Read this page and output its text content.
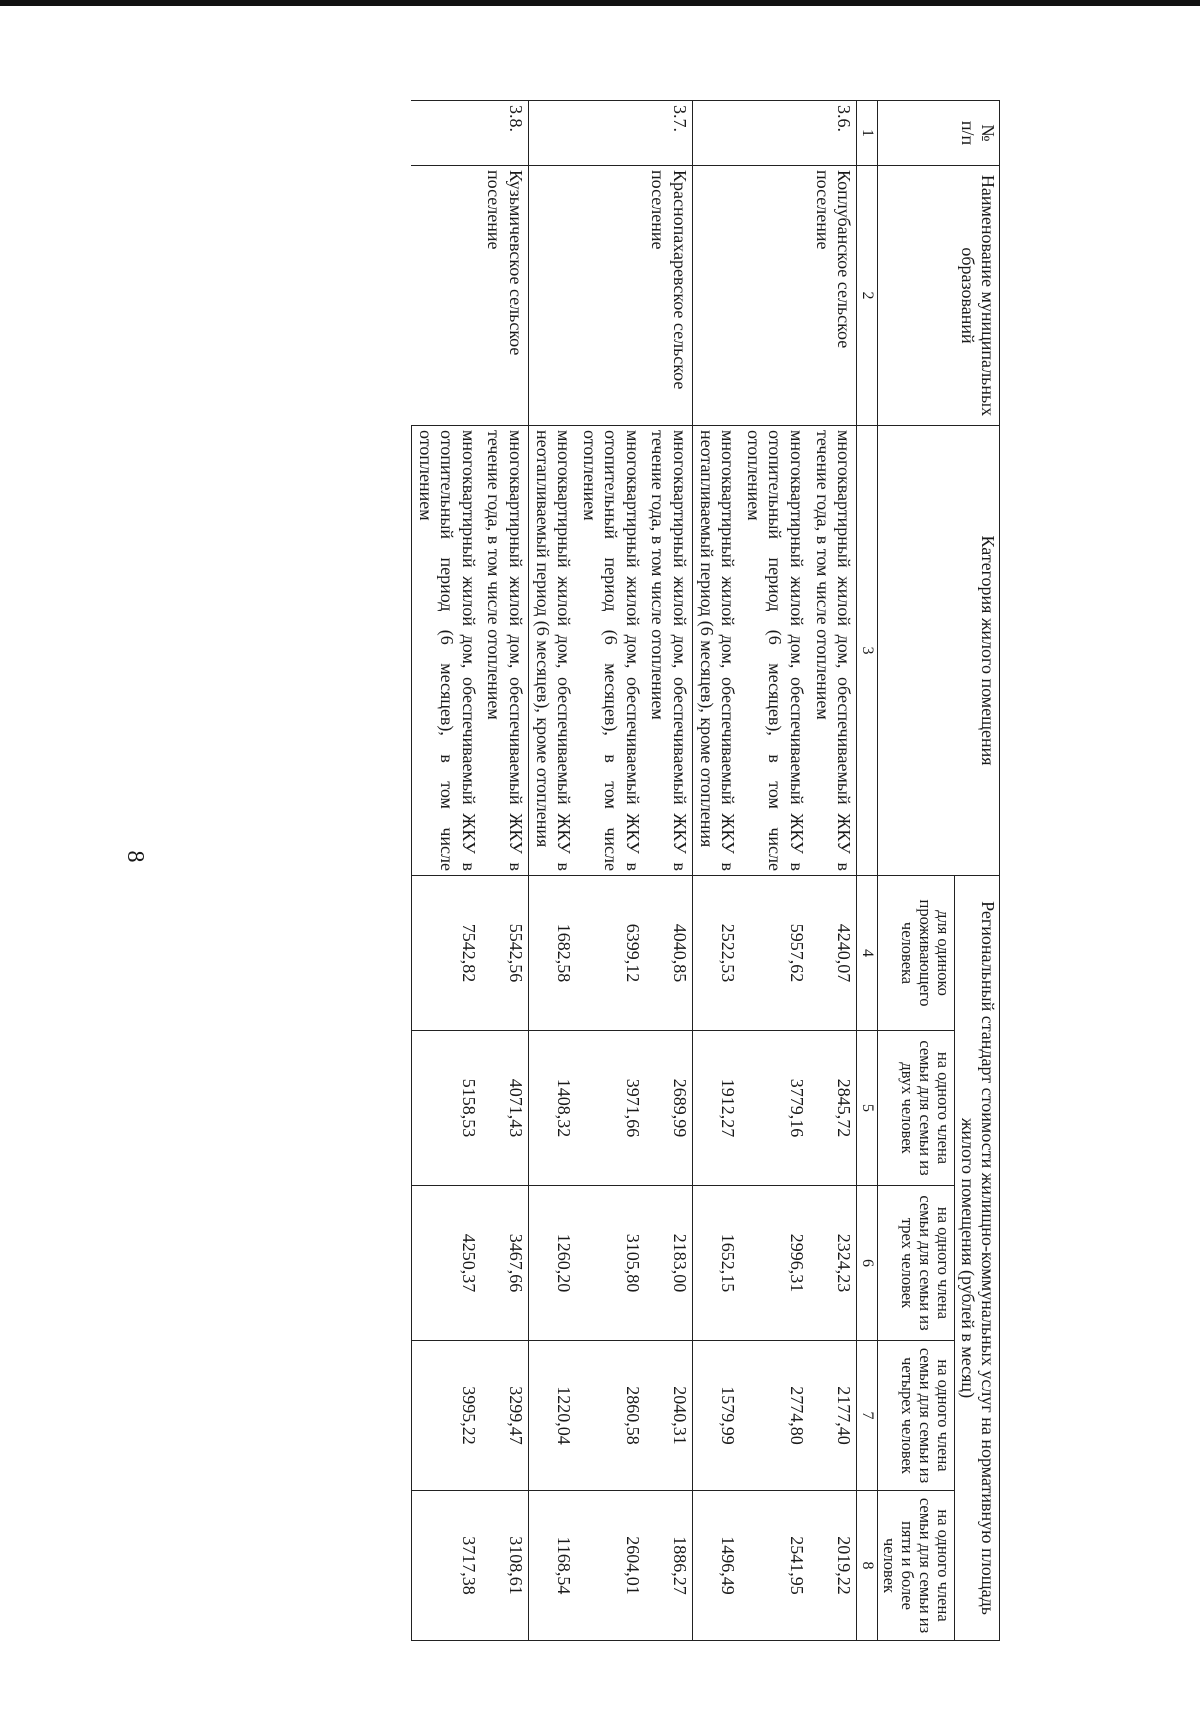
8
№
п/п	Наименование муниципальных образований	Категория жилого помещения	Региональный стандарт стоимости жилищно-коммунальных услуг на нормативную площадь жилого помещения (рублей в месяц)				
			для одиноко проживающего человека	на одного члена семьи для семьи из двух человек	на одного члена семьи для семьи из трех человек	на одного члена семьи для семьи из четырех человек	на одного члена семьи для семьи из пяти и более человек
1	2	3	4	5	6	7	8
3.6.	Коплубанское сельское поселение	многоквартирный жилой дом, обеспечиваемый ЖКУ в течение года, в том числе отоплением	4240,07	2845,72	2324,23	2177,40	2019,22
		многоквартирный жилой дом, обеспечиваемый ЖКУ в отопительный период (6 месяцев), в том числе отоплением	5957,62	3779,16	2996,31	2774,80	2541,95
		многоквартирный жилой дом, обеспечиваемый ЖКУ в неотапливаемый период (6 месяцев), кроме отопления	2522,53	1912,27	1652,15	1579,99	1496,49
3.7.	Краснопахаревское сельское поселение	многоквартирный жилой дом, обеспечиваемый ЖКУ в течение года, в том числе отоплением	4040,85	2689,99	2183,00	2040,31	1886,27
		многоквартирный жилой дом, обеспечиваемый ЖКУ в отопительный период (6 месяцев), в том числе отоплением	6399,12	3971,66	3105,80	2860,58	2604,01
		многоквартирный жилой дом, обеспечиваемый ЖКУ в неотапливаемый период (6 месяцев), кроме отопления	1682,58	1408,32	1260,20	1220,04	1168,54
3.8.	Кузьмичевское сельское поселение	многоквартирный жилой дом, обеспечиваемый ЖКУ в течение года, в том числе отоплением	5542,56	4071,43	3467,66	3299,47	3108,61
		многоквартирный жилой дом, обеспечиваемый ЖКУ в отопительный период (6 месяцев), в том числе отоплением	7542,82	5158,53	4250,37	3995,22	3717,38
